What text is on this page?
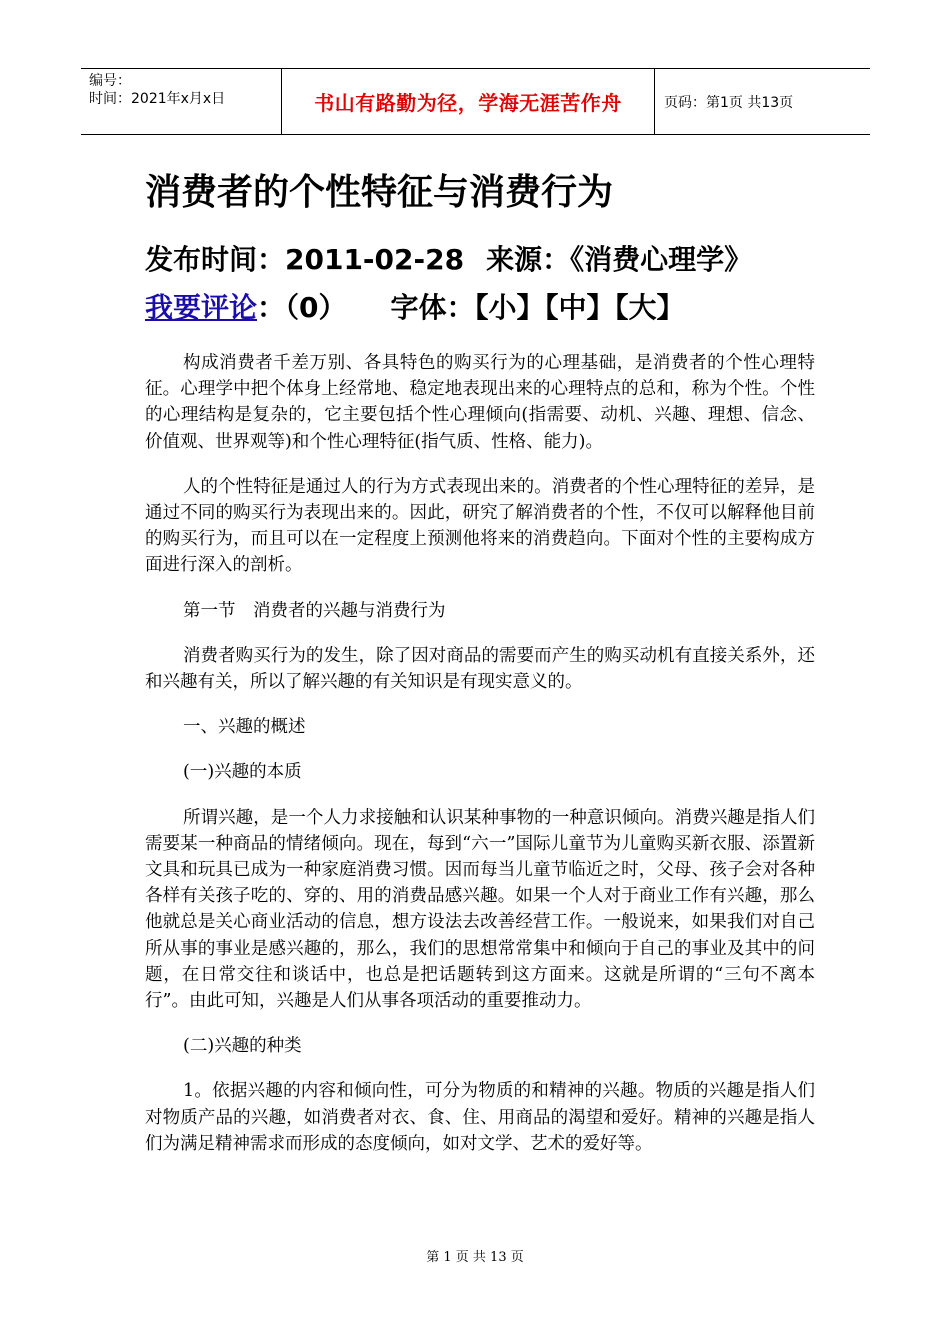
编号：
时间：2021年x月x日	书山有路勤为径，学海无涯苦作舟	页码：第1页 共13页
消费者的个性特征与消费行为
发布时间：2011-02-28 来源：《消费心理学》我要评论：（0） 字体：【小】【中】【大】

构成消费者千差万别、各具特色的购买行为的心理基础，是消费者的个性心理特征。心理学中把个体身上经常地、稳定地表现出来的心理特点的总和，称为个性。个性的心理结构是复杂的，它主要包括个性心理倾向(指需要、动机、兴趣、理想、信念、价值观、世界观等)和个性心理特征(指气质、性格、能力)。

人的个性特征是通过人的行为方式表现出来的。消费者的个性心理特征的差异，是通过不同的购买行为表现出来的。因此，研究了解消费者的个性，不仅可以解释他目前的购买行为，而且可以在一定程度上预测他将来的消费趋向。下面对个性的主要构成方面进行深入的剖析。

第一节　消费者的兴趣与消费行为

消费者购买行为的发生，除了因对商品的需要而产生的购买动机有直接关系外，还和兴趣有关，所以了解兴趣的有关知识是有现实意义的。

一、兴趣的概述

(一)兴趣的本质

所谓兴趣，是一个人力求接触和认识某种事物的一种意识倾向。消费兴趣是指人们需要某一种商品的情绪倾向。现在，每到“六一”国际儿童节为儿童购买新衣服、添置新文具和玩具已成为一种家庭消费习惯。因而每当儿童节临近之时，父母、孩子会对各种各样有关孩子吃的、穿的、用的消费品感兴趣。如果一个人对于商业工作有兴趣，那么他就总是关心商业活动的信息，想方设法去改善经营工作。一般说来，如果我们对自己所从事的事业是感兴趣的，那么，我们的思想常常集中和倾向于自己的事业及其中的问题，在日常交往和谈话中，也总是把话题转到这方面来。这就是所谓的“三句不离本行”。由此可知，兴趣是人们从事各项活动的重要推动力。

(二)兴趣的种类

1。依据兴趣的内容和倾向性，可分为物质的和精神的兴趣。物质的兴趣是指人们对物质产品的兴趣，如消费者对衣、食、住、用商品的渴望和爱好。精神的兴趣是指人们为满足精神需求而形成的态度倾向，如对文学、艺术的爱好等。

第 1 页 共 13 页
